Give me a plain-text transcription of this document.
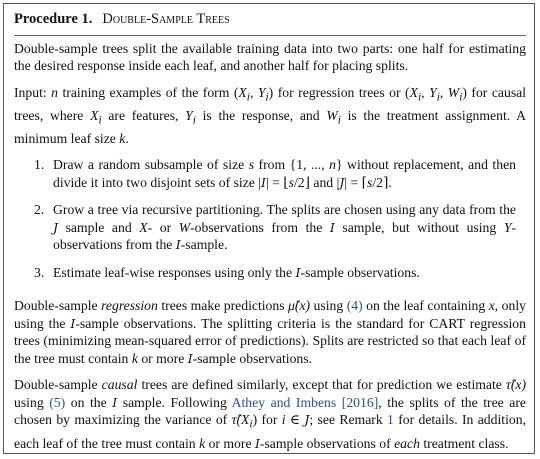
Procedure 1. Double-Sample Trees

Double-sample trees split the available training data into two parts: one half for estimating the desired response inside each leaf, and another half for placing splits.

Input: n training examples of the form ($X_i$, $Y_i$) for regression trees or ($X_i$, $Y_i$, $W_i$) for causal trees, where $X_i$ are features, $Y_i$ is the response, and $W_i$ is the treatment assignment. A minimum leaf size k.

1. Draw a random subsample of size s from {1, ..., n} without replacement, and then divide it into two disjoint sets of size |I| = ⌊s/2⌋ and |J| = ⌈s/2⌉.
2. Grow a tree via recursive partitioning. The splits are chosen using any data from the J sample and X- or W-observations from the I sample, but without using Y-observations from the I-sample.
3. Estimate leaf-wise responses using only the I-sample observations.

Double-sample regression trees make predictions μ̂(x) using (4) on the leaf containing x, only using the I-sample observations. The splitting criteria is the standard for CART regression trees (minimizing mean-squared error of predictions). Splits are restricted so that each leaf of the tree must contain k or more I-sample observations.

Double-sample causal trees are defined similarly, except that for prediction we estimate τ̂(x) using (5) on the I sample. Following Athey and Imbens [2016], the splits of the tree are chosen by maximizing the variance of $\taû(X_i)$ for i ∈ J; see Remark 1 for details. In addition, each leaf of the tree must contain k or more I-sample observations of each treatment class.
